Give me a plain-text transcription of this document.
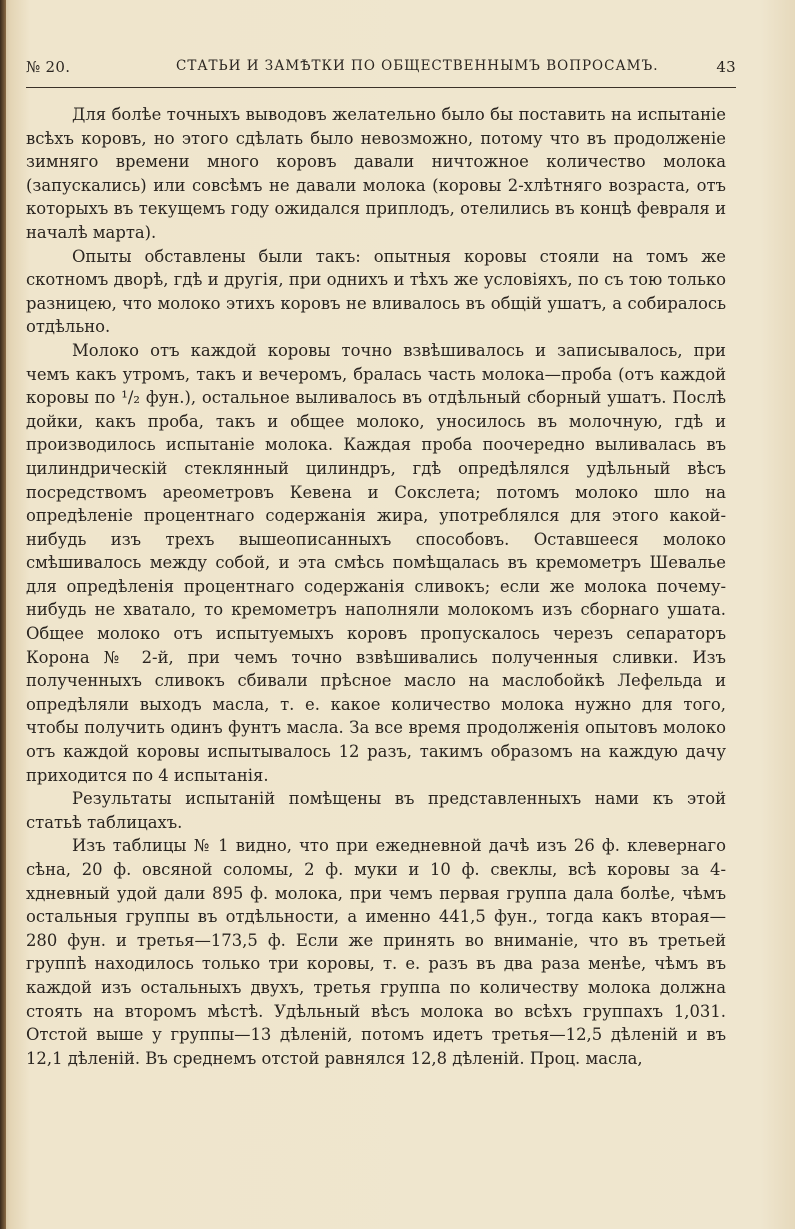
№ 20.	СТАТЬИ И ЗАМѢТКИ ПО ОБЩЕСТВЕННЫМЪ ВОПРОСАМЪ.	43

Для болѣе точныхъ выводовъ желательно было бы поставить на испытаніе всѣхъ коровъ, но этого сдѣлать было невозможно, потому что въ продолженіе зимняго времени много коровъ давали ничтожное количество молока (запускались) или совсѣмъ не давали молока (коровы 2-хлѣтняго возраста, отъ которыхъ въ текущемъ году ожидался приплодъ, отелились въ концѣ февраля и началѣ марта).

Опыты обставлены были такъ: опытныя коровы стояли на томъ же скотномъ дворѣ, гдѣ и другія, при однихъ и тѣхъ же условіяхъ, по съ тою только разницею, что молоко этихъ коровъ не вливалось въ общій ушатъ, а собиралось отдѣльно.

Молоко отъ каждой коровы точно взвѣшивалось и записывалось, при чемъ какъ утромъ, такъ и вечеромъ, бралась часть молока—проба (отъ каждой коровы по ¹/₂ фун.), остальное выливалось въ отдѣльный сборный ушатъ. Послѣ дойки, какъ проба, такъ и общее молоко, уносилось въ молочную, гдѣ и производилось испытаніе молока. Каждая проба поочередно выливалась въ цилиндрическій стеклянный цилиндръ, гдѣ опредѣлялся удѣльный вѣсъ посредствомъ ареометровъ Кевена и Сокслета; потомъ молоко шло на опредѣленіе процентнаго содержанія жира, употреблялся для этого какой-нибудь изъ трехъ вышеописанныхъ способовъ. Оставшееся молоко смѣшивалось между собой, и эта смѣсь помѣщалась въ кремометръ Шевалье для опредѣленія процентнаго содержанія сливокъ; если же молока почему-нибудь не хватало, то кремометръ наполняли молокомъ изъ сборнаго ушата. Общее молоко отъ испытуемыхъ коровъ пропускалось черезъ сепараторъ Корона № 2-й, при чемъ точно взвѣшивались полученныя сливки. Изъ полученныхъ сливокъ сбивали прѣсное масло на маслобойкѣ Лефельда и опредѣляли выходъ масла, т. е. какое количество молока нужно для того, чтобы получить одинъ фунтъ масла. За все время продолженія опытовъ молоко отъ каждой коровы испытывалось 12 разъ, такимъ образомъ на каждую дачу приходится по 4 испытанія.

Результаты испытаній помѣщены въ представленныхъ нами къ этой статьѣ таблицахъ.

Изъ таблицы № 1 видно, что при ежедневной дачѣ изъ 26 ф. клевернаго сѣна, 20 ф. овсяной соломы, 2 ф. муки и 10 ф. свеклы, всѣ коровы за 4-хдневный удой дали 895 ф. молока, при чемъ первая группа дала болѣе, чѣмъ остальныя группы въ отдѣльности, а именно 441,5 фун., тогда какъ вторая—280 фун. и третья—173,5 ф. Если же принять во вниманіе, что въ третьей группѣ находилось только три коровы, т. е. разъ въ два раза менѣе, чѣмъ въ каждой изъ остальныхъ двухъ, третья группа по количеству молока должна стоять на второмъ мѣстѣ. Удѣльный вѣсъ молока во всѣхъ группахъ 1,031. Отстой выше у группы—13 дѣленій, потомъ идетъ третья—12,5 дѣленій и въ 12,1 дѣленій. Въ среднемъ отстой равнялся 12,8 дѣленій. Проц. масла,
